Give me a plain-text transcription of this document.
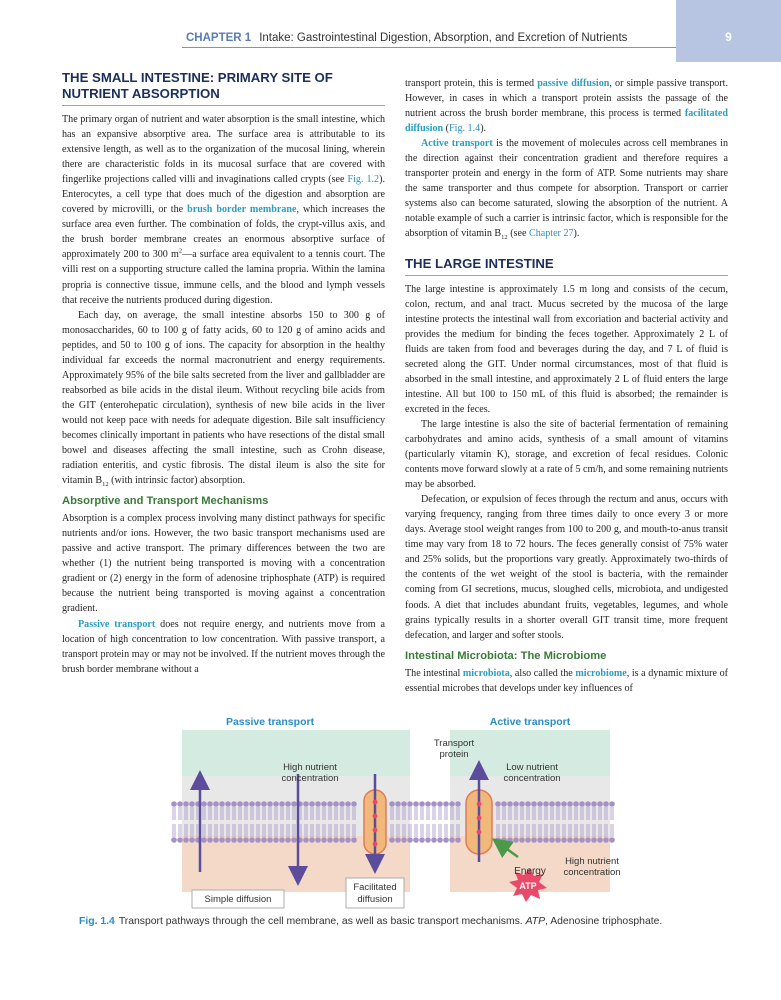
CHAPTER 1 Intake: Gastrointestinal Digestion, Absorption, and Excretion of Nutrients	9
THE SMALL INTESTINE: PRIMARY SITE OF
NUTRIENT ABSORPTION

The primary organ of nutrient and water absorption is the small intestine, which has an expansive absorptive area. The surface area is attributable to its extensive length, as well as to the organization of the mucosal lining, wherein there are characteristic folds in its mucosal surface that are covered with fingerlike projections called villi and invaginations called crypts (see Fig. 1.2). Enterocytes, a cell type that does much of the digestion and absorption are covered by microvilli, or the brush border membrane, which increases the surface area even further. The combination of folds, the crypt-villus axis, and the brush border membrane creates an enormous absorptive surface of approximately 200 to 300 $m^2—a$ surface area equivalent to a tennis court. The villi rest on a supporting structure called the lamina propria. Within the lamina propria is connective tissue, immune cells, and the blood and lymph vessels that receive the nutrients produced during digestion.

Each day, on average, the small intestine absorbs 150 to 300 g of monosaccharides, 60 to 100 g of fatty acids, 60 to 120 g of amino acids and peptides, and 50 to 100 g of ions. The capacity for absorption in the healthy individual far exceeds the normal macronutrient and energy requirements. Approximately 95% of the bile salts secreted from the liver and gallbladder are reabsorbed as bile acids in the distal ileum. Without recycling bile acids from the GIT (enterohepatic circulation), synthesis of new bile acids in the liver would not keep pace with needs for adequate digestion. Bile salt insufficiency becomes clinically important in patients who have resections of the distal small bowel and diseases affecting the small intestine, such as Crohn disease, radiation enteritis, and cystic fibrosis. The distal ileum is also the site for vitamin $B_{12}$ (with intrinsic factor) absorption.

Absorptive and Transport Mechanisms

Absorption is a complex process involving many distinct pathways for specific nutrients and/or ions. However, the two basic transport mechanisms used are passive and active transport. The primary differences between the two are whether (1) the nutrient being transported is moving with a concentration gradient or (2) energy in the form of adenosine triphosphate (ATP) is required because the nutrient being transported is moving against a concentration gradient.

Passive transport does not require energy, and nutrients move from a location of high concentration to low concentration. With passive transport, a transport protein may or may not be involved. If the nutrient moves through the brush border membrane without a

transport protein, this is termed passive diffusion, or simple passive transport. However, in cases in which a transport protein assists the passage of the nutrient across the brush border membrane, this process is termed facilitated diffusion (Fig. 1.4).

Active transport is the movement of molecules across cell membranes in the direction against their concentration gradient and therefore requires a transporter protein and energy in the form of ATP. Some nutrients may share the same transporter and thus compete for absorption. Transport or carrier systems also can become saturated, slowing the absorption of the nutrient. A notable example of such a carrier is intrinsic factor, which is responsible for the absorption of vitamin $B_{12}$ (see Chapter 27).

THE LARGE INTESTINE

The large intestine is approximately 1.5 m long and consists of the cecum, colon, rectum, and anal tract. Mucus secreted by the mucosa of the large intestine protects the intestinal wall from excoriation and bacterial activity and provides the medium for binding the feces together. Approximately 2 L of fluids are taken from food and beverages during the day, and 7 L of fluid is secreted along the GIT. Under normal circumstances, most of that fluid is absorbed in the small intestine, and approximately 2 L of fluid enters the large intestine. All but 100 to 150 mL of this fluid is absorbed; the remainder is excreted in the feces.

The large intestine is also the site of bacterial fermentation of remaining carbohydrates and amino acids, synthesis of a small amount of vitamins (particularly vitamin K), storage, and excretion of fecal residues. Colonic contents move forward slowly at a rate of 5 cm/h, and some remaining nutrients may be absorbed.

Defecation, or expulsion of feces through the rectum and anus, occurs with varying frequency, ranging from three times daily to once every 3 or more days. Average stool weight ranges from 100 to 200 g, and mouth-to-anus transit time may vary from 18 to 72 hours. The feces generally consist of 75% water and 25% solids, but the proportions vary greatly. Approximately two-thirds of the contents of the wet weight of the stool is bacteria, with the remainder coming from GI secretions, mucus, sloughed cells, microbiota, and undigested foods. A diet that includes abundant fruits, vegetables, legumes, and whole grains typically results in a shorter overall GIT transit time, more frequent defecation, and larger and softer stools.

Intestinal Microbiota: The Microbiome

The intestinal microbiota, also called the microbiome, is a dynamic mixture of essential microbes that develops under key influences of

Passive transport	Active transport
ATP
High nutrient concentration
Transport protein
Low nutrient concentration
Energy
High nutrient concentration
Simple diffusion
Facilitated diffusion
Fig. 1.4 Transport pathways through the cell membrane, as well as basic transport mechanisms. ATP, Adenosine triphosphate.
